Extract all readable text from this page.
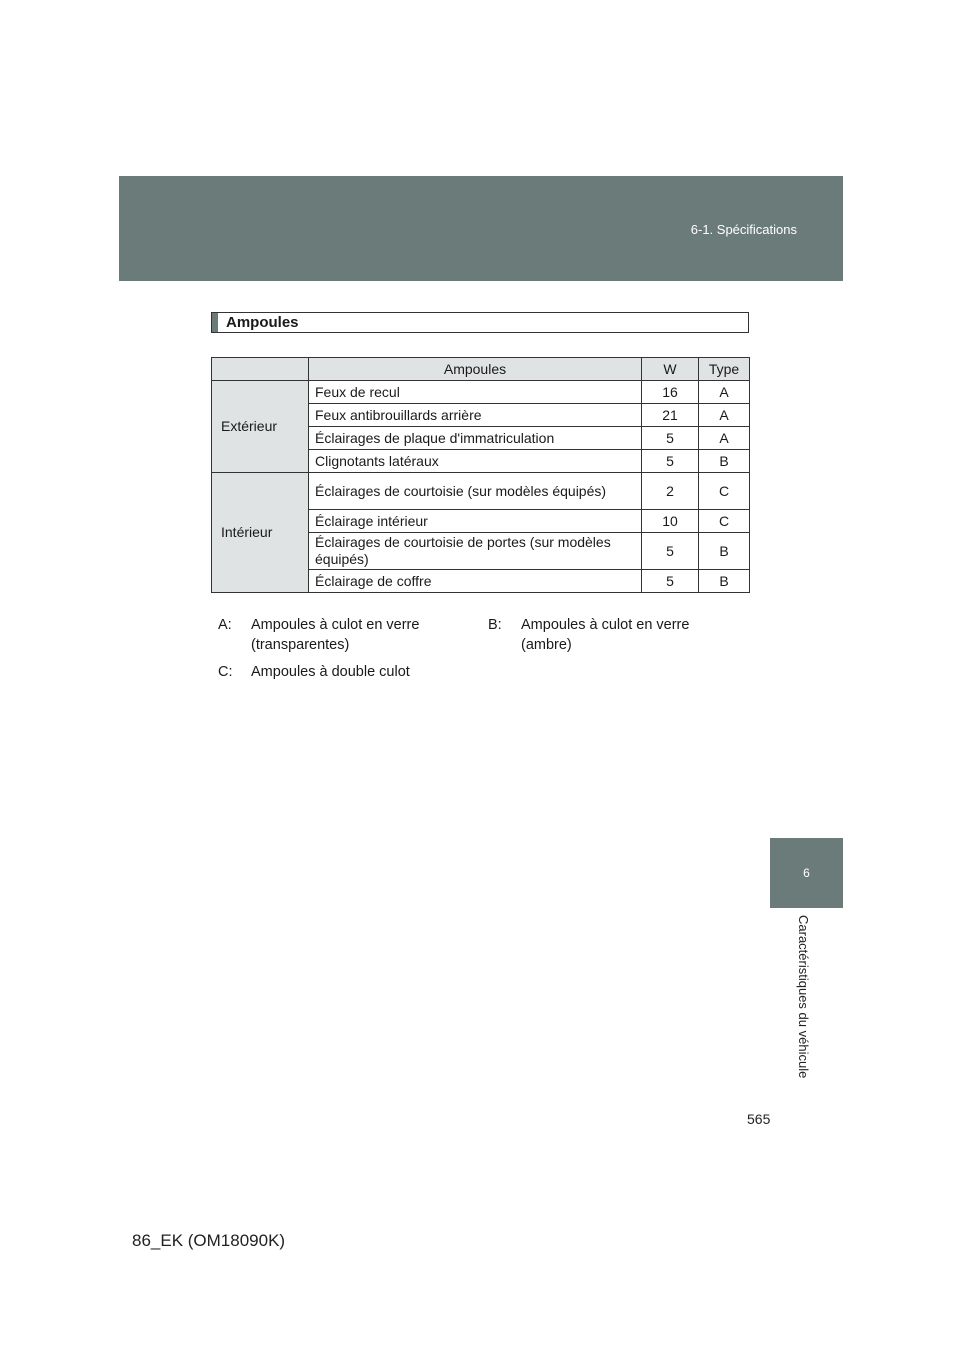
6-1. Spécifications
6
Caractéristiques du véhicule
Ampoules
	Ampoules	W	Type
Extérieur	Feux de recul	16	A
	Feux antibrouillards arrière	21	A
	Éclairages de plaque d'immatriculation	5	A
	Clignotants latéraux	5	B
Intérieur	Éclairages de courtoisie (sur modèles équipés)	2	C
	Éclairage intérieur	10	C
	Éclairages de courtoisie de portes (sur modèles équipés)	5	B
	Éclairage de coffre	5	B
A: Ampoules à culot en verre (transparentes)
B: Ampoules à culot en verre (ambre)
C: Ampoules à double culot
565
86_EK (OM18090K)
